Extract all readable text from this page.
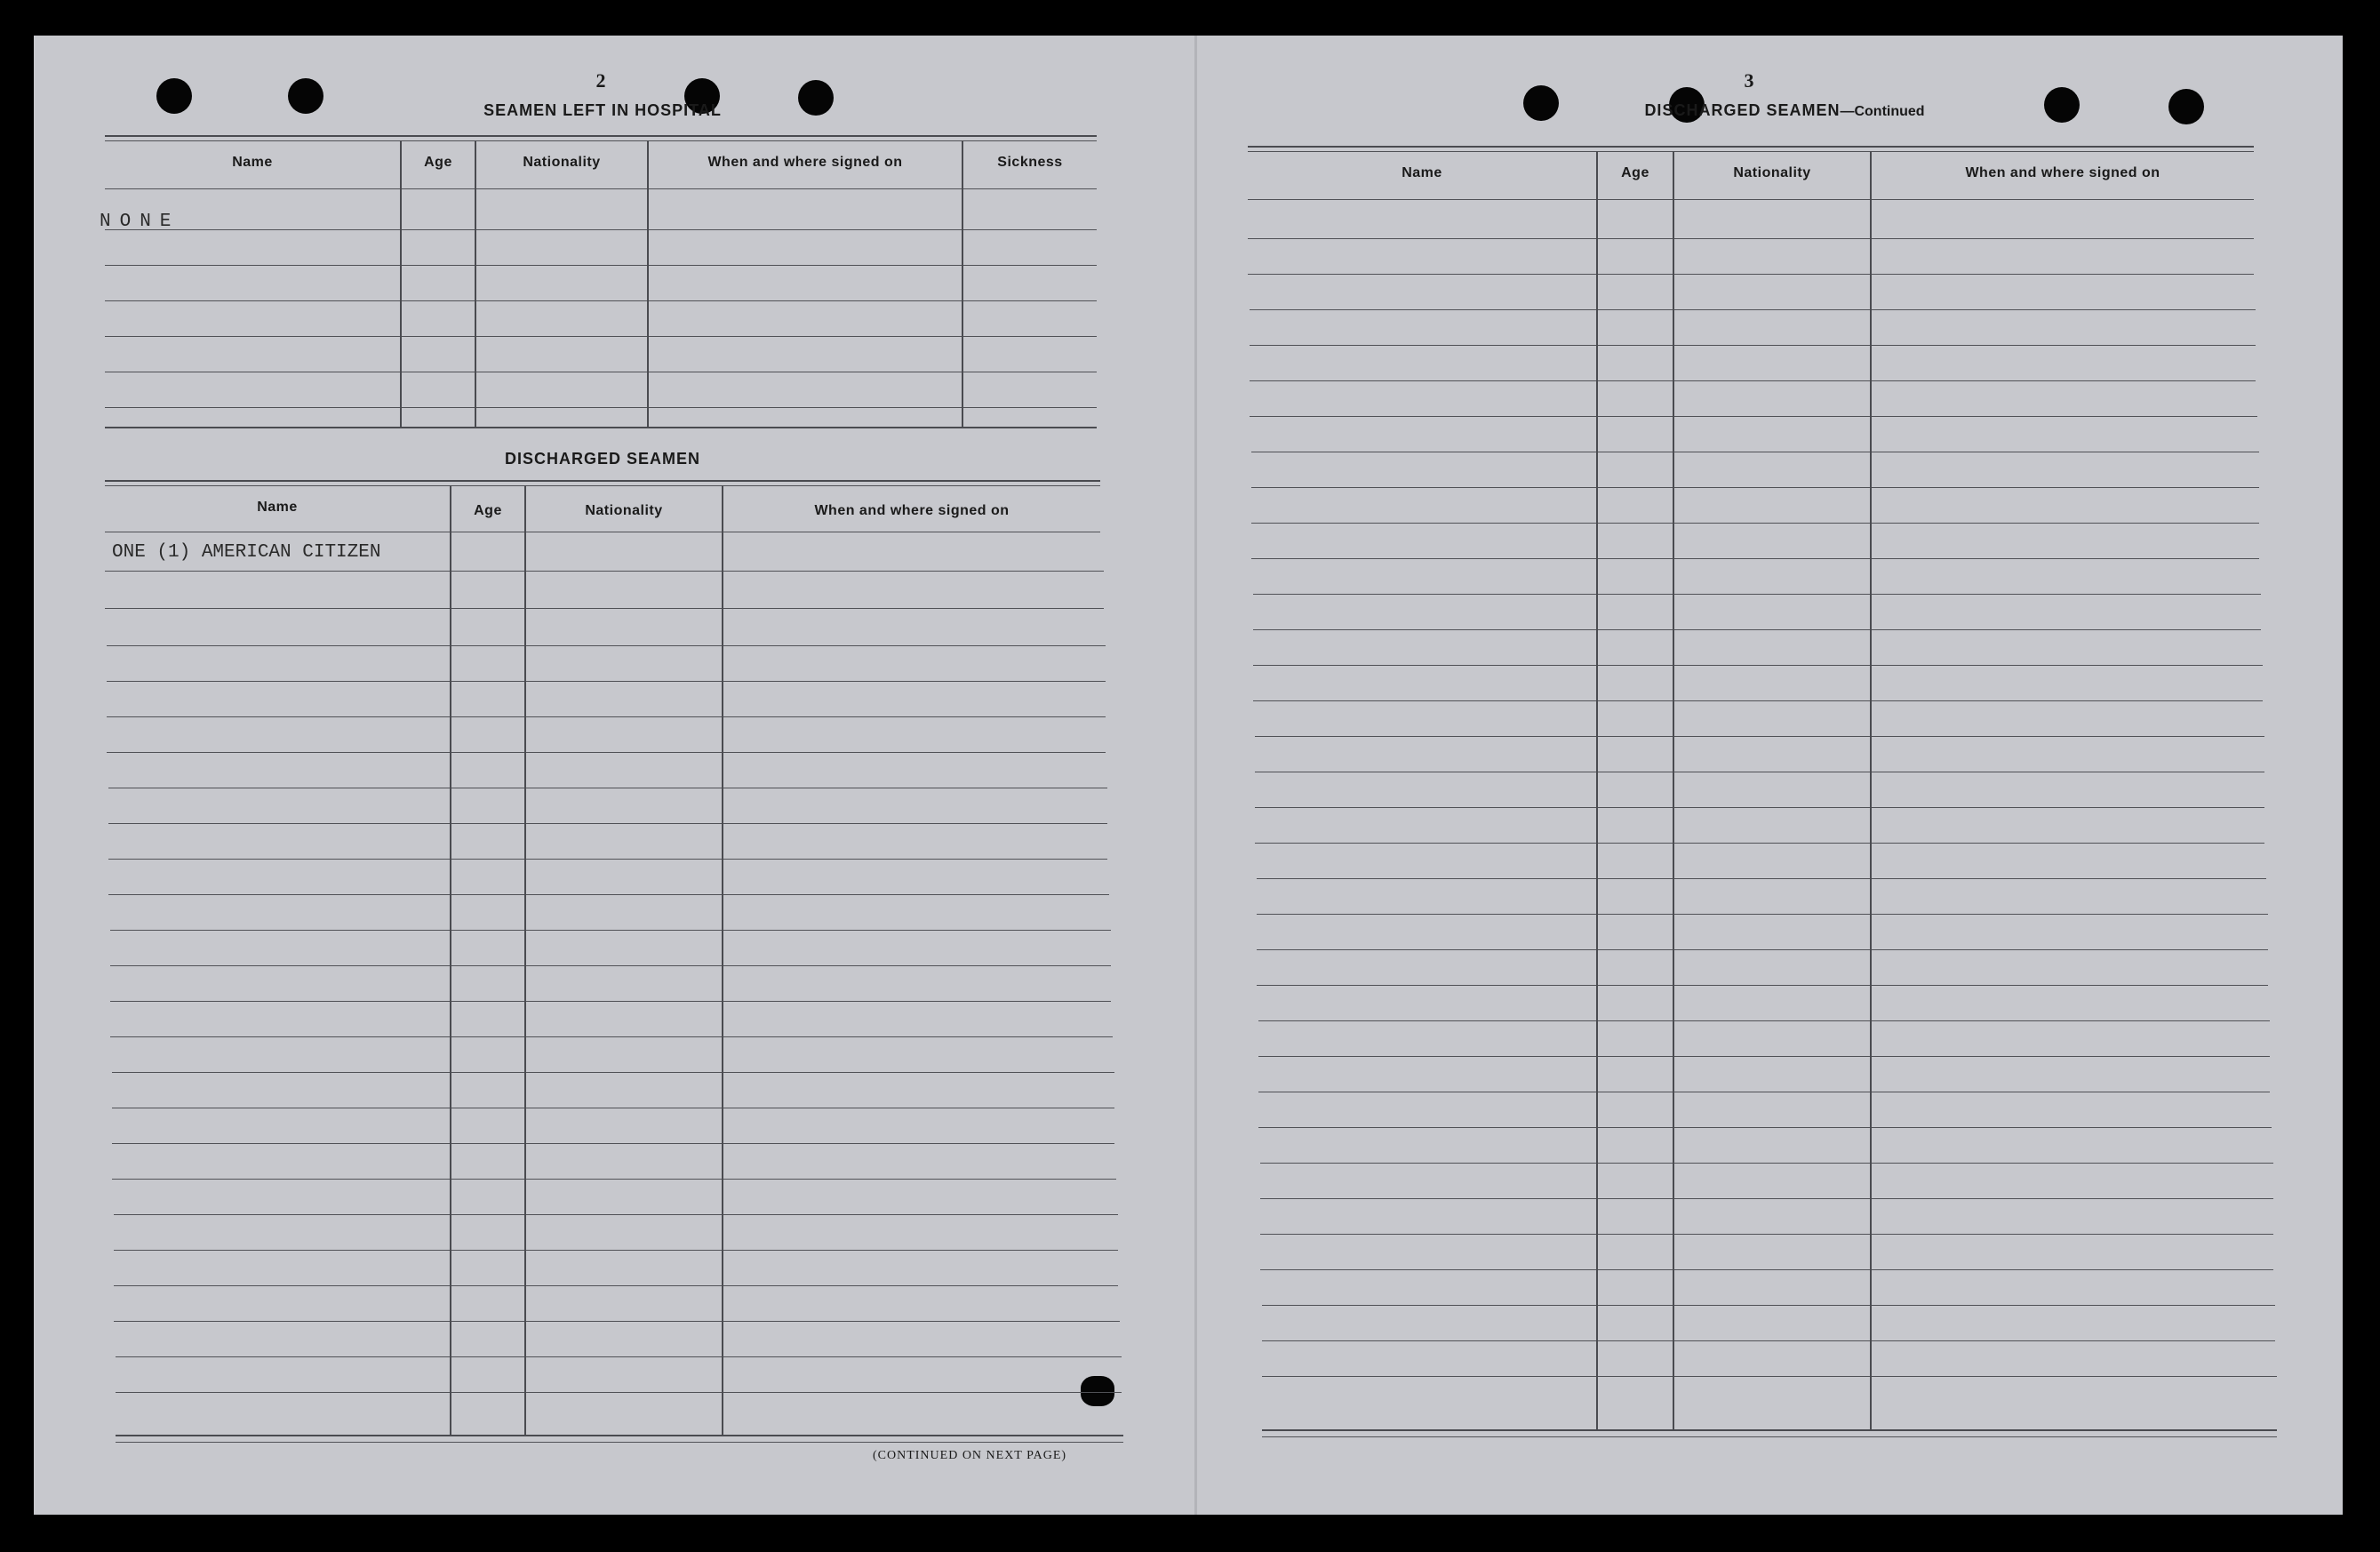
2
SEAMEN LEFT IN HOSPITAL
Name	Age	Nationality	When and where signed on	Sickness
NONE
DISCHARGED SEAMEN
Name	Age	Nationality	When and where signed on
ONE (1) AMERICAN CITIZEN
(CONTINUED ON NEXT PAGE)
3
DISCHARGED SEAMEN—Continued
Name	Age	Nationality	When and where signed on
